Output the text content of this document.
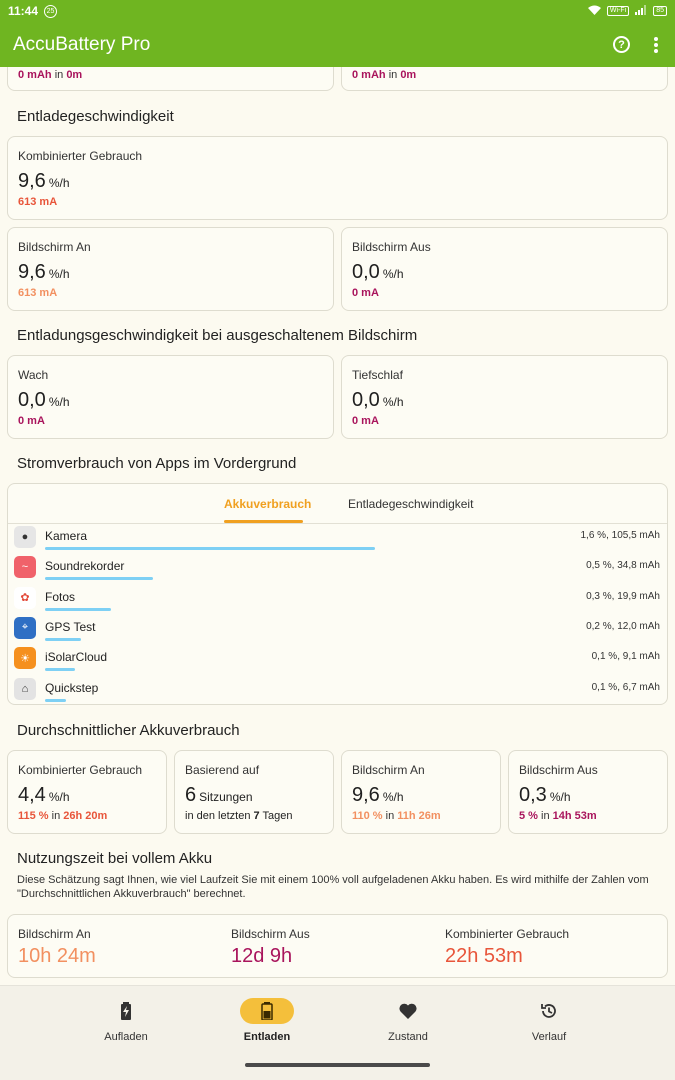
11:44	25	Wi-Fi	85
AccuBattery Pro	?
0 mAh in 0m	0 mAh in 0m
Entladegeschwindigkeit
Kombinierter Gebrauch
9,6 %/h
613 mA
Bildschirm An
9,6 %/h
613 mA
Bildschirm Aus
0,0 %/h
0 mA
Entladungsgeschwindigkeit bei ausgeschaltenem Bildschirm
Wach
0,0 %/h
0 mA
Tiefschlaf
0,0 %/h
0 mA
Stromverbrauch von Apps im Vordergrund
Akkuverbrauch	Entladegeschwindigkeit
●	Kamera	1,6 %, 105,5 mAh
~	Soundrekorder	0,5 %, 34,8 mAh
✿	Fotos	0,3 %, 19,9 mAh
⌖	GPS Test	0,2 %, 12,0 mAh
☀	iSolarCloud	0,1 %, 9,1 mAh
⌂	Quickstep	0,1 %, 6,7 mAh
Durchschnittlicher Akkuverbrauch
Kombinierter Gebrauch
4,4 %/h
115 % in 26h 20m
Basierend auf
6 Sitzungen
in den letzten 7 Tagen
Bildschirm An
9,6 %/h
110 % in 11h 26m
Bildschirm Aus
0,3 %/h
5 % in 14h 53m
Nutzungszeit bei vollem Akku
Diese Schätzung sagt Ihnen, wie viel Laufzeit Sie mit einem 100% voll aufgeladenen Akku haben. Es wird mithilfe der Zahlen vom "Durchschnittlichen Akkuverbrauch" berechnet.
Bildschirm An
10h 24m
Bildschirm Aus
12d 9h
Kombinierter Gebrauch
22h 53m
Aufladen	Entladen	Zustand	Verlauf
